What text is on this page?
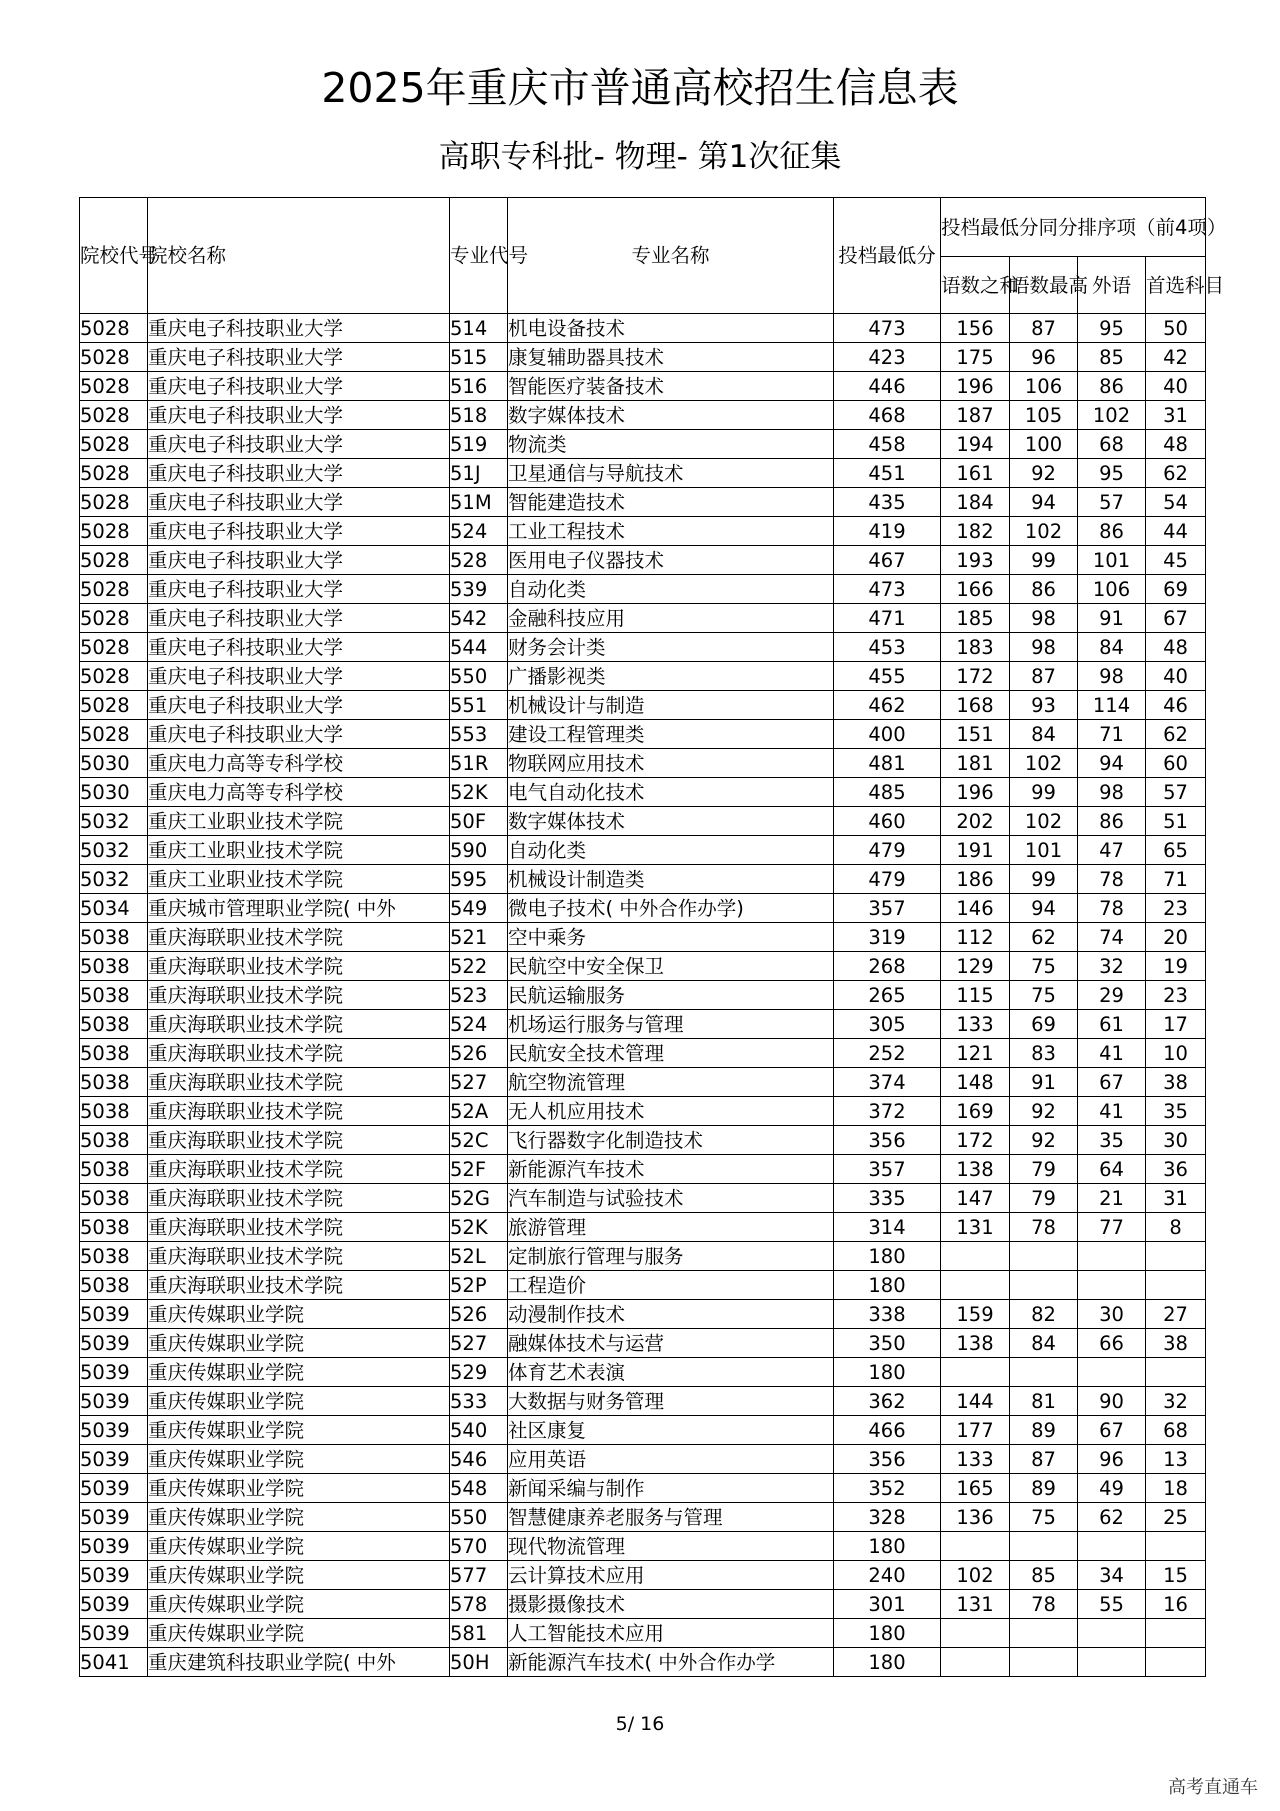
2025年重庆市普通高校招生信息表
高职专科批- 物理- 第1次征集
院校代号	院校名称	专业代号	专业名称	投档最低分	投档最低分同分排序项（前4项）			
					语数之和	语数最高	外语	首选科目
5028	重庆电子科技职业大学	514	机电设备技术	473	156	87	95	50
5028	重庆电子科技职业大学	515	康复辅助器具技术	423	175	96	85	42
5028	重庆电子科技职业大学	516	智能医疗装备技术	446	196	106	86	40
5028	重庆电子科技职业大学	518	数字媒体技术	468	187	105	102	31
5028	重庆电子科技职业大学	519	物流类	458	194	100	68	48
5028	重庆电子科技职业大学	51J	卫星通信与导航技术	451	161	92	95	62
5028	重庆电子科技职业大学	51M	智能建造技术	435	184	94	57	54
5028	重庆电子科技职业大学	524	工业工程技术	419	182	102	86	44
5028	重庆电子科技职业大学	528	医用电子仪器技术	467	193	99	101	45
5028	重庆电子科技职业大学	539	自动化类	473	166	86	106	69
5028	重庆电子科技职业大学	542	金融科技应用	471	185	98	91	67
5028	重庆电子科技职业大学	544	财务会计类	453	183	98	84	48
5028	重庆电子科技职业大学	550	广播影视类	455	172	87	98	40
5028	重庆电子科技职业大学	551	机械设计与制造	462	168	93	114	46
5028	重庆电子科技职业大学	553	建设工程管理类	400	151	84	71	62
5030	重庆电力高等专科学校	51R	物联网应用技术	481	181	102	94	60
5030	重庆电力高等专科学校	52K	电气自动化技术	485	196	99	98	57
5032	重庆工业职业技术学院	50F	数字媒体技术	460	202	102	86	51
5032	重庆工业职业技术学院	590	自动化类	479	191	101	47	65
5032	重庆工业职业技术学院	595	机械设计制造类	479	186	99	78	71
5034	重庆城市管理职业学院( 中外	549	微电子技术( 中外合作办学)	357	146	94	78	23
5038	重庆海联职业技术学院	521	空中乘务	319	112	62	74	20
5038	重庆海联职业技术学院	522	民航空中安全保卫	268	129	75	32	19
5038	重庆海联职业技术学院	523	民航运输服务	265	115	75	29	23
5038	重庆海联职业技术学院	524	机场运行服务与管理	305	133	69	61	17
5038	重庆海联职业技术学院	526	民航安全技术管理	252	121	83	41	10
5038	重庆海联职业技术学院	527	航空物流管理	374	148	91	67	38
5038	重庆海联职业技术学院	52A	无人机应用技术	372	169	92	41	35
5038	重庆海联职业技术学院	52C	飞行器数字化制造技术	356	172	92	35	30
5038	重庆海联职业技术学院	52F	新能源汽车技术	357	138	79	64	36
5038	重庆海联职业技术学院	52G	汽车制造与试验技术	335	147	79	21	31
5038	重庆海联职业技术学院	52K	旅游管理	314	131	78	77	8
5038	重庆海联职业技术学院	52L	定制旅行管理与服务	180				
5038	重庆海联职业技术学院	52P	工程造价	180				
5039	重庆传媒职业学院	526	动漫制作技术	338	159	82	30	27
5039	重庆传媒职业学院	527	融媒体技术与运营	350	138	84	66	38
5039	重庆传媒职业学院	529	体育艺术表演	180				
5039	重庆传媒职业学院	533	大数据与财务管理	362	144	81	90	32
5039	重庆传媒职业学院	540	社区康复	466	177	89	67	68
5039	重庆传媒职业学院	546	应用英语	356	133	87	96	13
5039	重庆传媒职业学院	548	新闻采编与制作	352	165	89	49	18
5039	重庆传媒职业学院	550	智慧健康养老服务与管理	328	136	75	62	25
5039	重庆传媒职业学院	570	现代物流管理	180				
5039	重庆传媒职业学院	577	云计算技术应用	240	102	85	34	15
5039	重庆传媒职业学院	578	摄影摄像技术	301	131	78	55	16
5039	重庆传媒职业学院	581	人工智能技术应用	180				
5041	重庆建筑科技职业学院( 中外	50H	新能源汽车技术( 中外合作办学	180				
5/ 16
高考直通车
